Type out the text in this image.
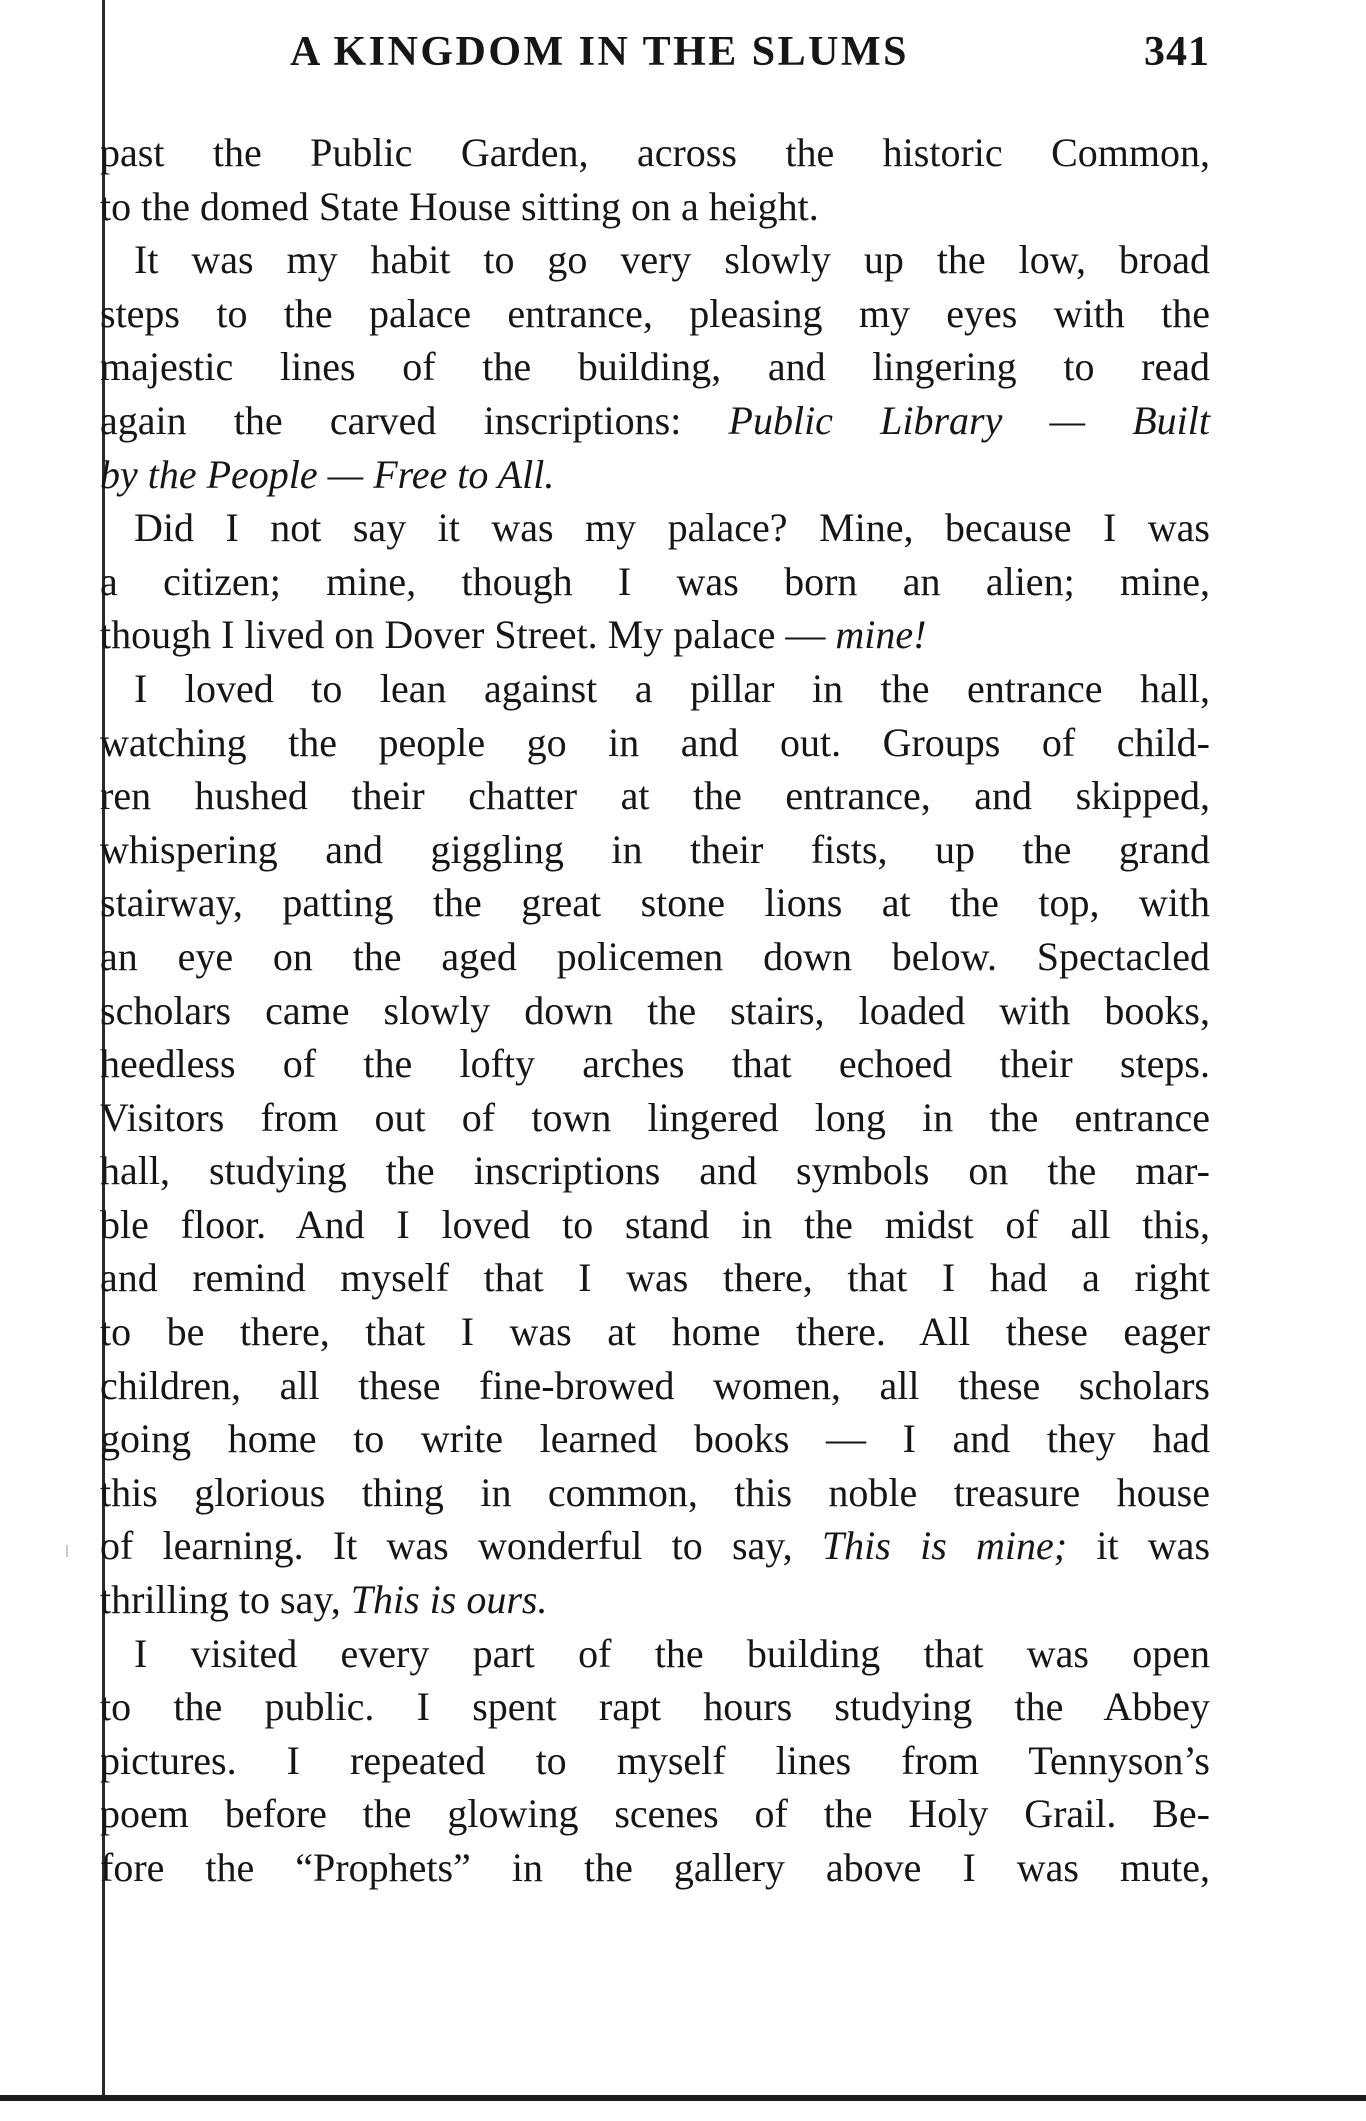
A KINGDOM IN THE SLUMS	341
past the Public Garden, across the historic Common,
to the domed State House sitting on a height.
It was my habit to go very slowly up the low, broad
steps to the palace entrance, pleasing my eyes with the
majestic lines of the building, and lingering to read
again the carved inscriptions: Public Library — Built
by the People — Free to All.
Did I not say it was my palace? Mine, because I was
a citizen; mine, though I was born an alien; mine,
though I lived on Dover Street. My palace — mine!
I loved to lean against a pillar in the entrance hall,
watching the people go in and out. Groups of child-
ren hushed their chatter at the entrance, and skipped,
whispering and giggling in their fists, up the grand
stairway, patting the great stone lions at the top, with
an eye on the aged policemen down below. Spectacled
scholars came slowly down the stairs, loaded with books,
heedless of the lofty arches that echoed their steps.
Visitors from out of town lingered long in the entrance
hall, studying the inscriptions and symbols on the mar-
ble floor. And I loved to stand in the midst of all this,
and remind myself that I was there, that I had a right
to be there, that I was at home there. All these eager
children, all these fine-browed women, all these scholars
going home to write learned books — I and they had
this glorious thing in common, this noble treasure house
of learning. It was wonderful to say, This is mine; it was
thrilling to say, This is ours.
I visited every part of the building that was open
to the public. I spent rapt hours studying the Abbey
pictures. I repeated to myself lines from Tennyson’s
poem before the glowing scenes of the Holy Grail. Be-
fore the “Prophets” in the gallery above I was mute,
